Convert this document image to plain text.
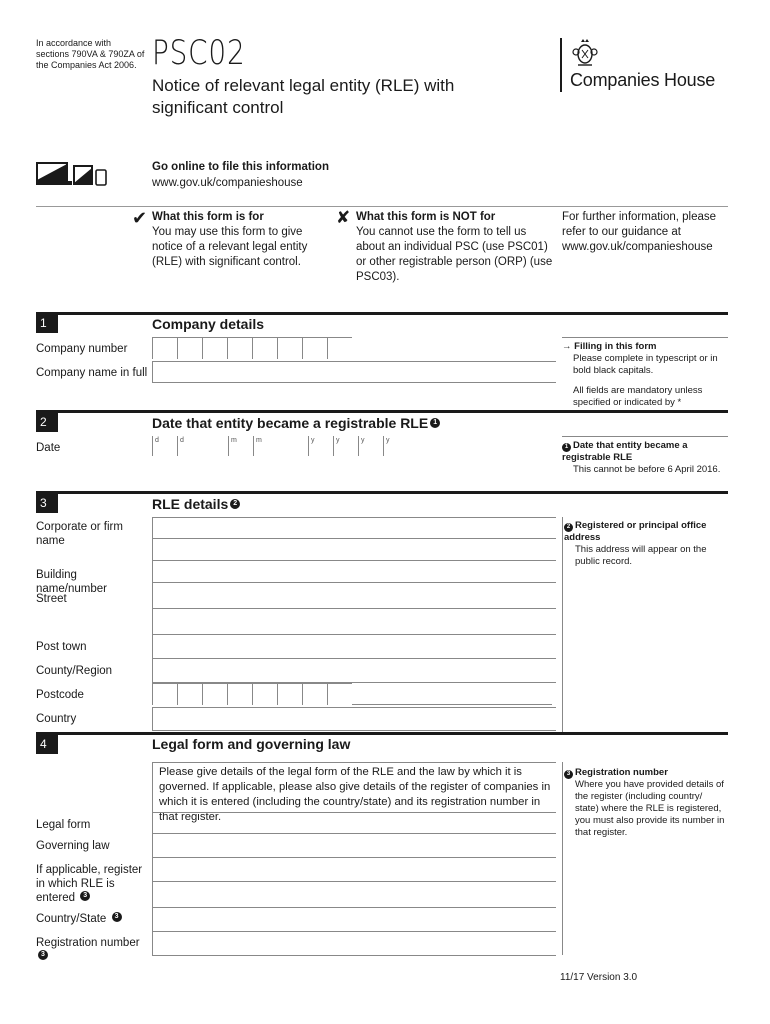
In accordance with sections 790VA & 790ZA of the Companies Act 2006. PSC02
Notice of relevant legal entity (RLE) with significant control
Companies House
Go online to file this information
www.gov.uk/companieshouse
✔ What this form is for
You may use this form to give notice of a relevant legal entity (RLE) with significant control.
✘ What this form is NOT for
You cannot use the form to tell us about an individual PSC (use PSC01) or other registrable person (ORP) (use PSC03).
For further information, please refer to our guidance at www.gov.uk/companieshouse
1	Company details
Company number
Company name in full
→ Filling in this form
Please complete in typescript or in bold black capitals.
All fields are mandatory unless specified or indicated by *
2	Date that entity became a registrable RLE 1
Date
d	d	m	m	y	y	y	y
1 Date that entity became a registrable RLE
This cannot be before 6 April 2016.
3	RLE details 2
Corporate or firm name
Building name/number
Street
Post town
County/Region
Postcode
Country
2 Registered or principal office address
This address will appear on the public record.
4	Legal form and governing law
Please give details of the legal form of the RLE and the law by which it is governed. If applicable, please also give details of the register of companies in which it is entered (including the country/state) and its registration number in that register.
Legal form
Governing law
If applicable, register in which RLE is entered 3
Country/State 3
Registration number 3
3 Registration number
Where you have provided details of the register (including country/ state) where the RLE is registered, you must also provide its number in that register.
11/17 Version 3.0
